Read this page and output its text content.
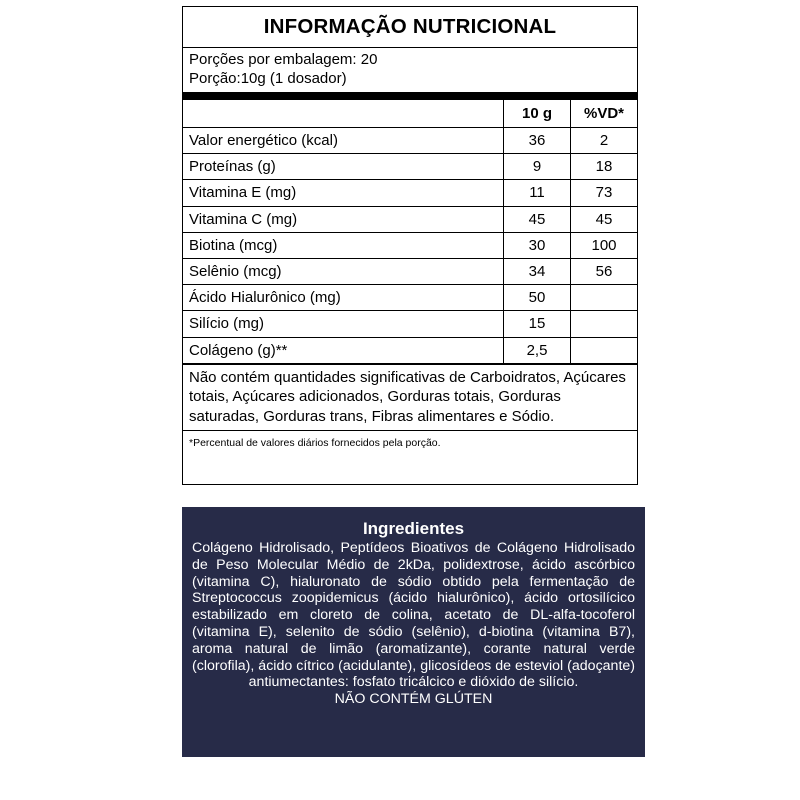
INFORMAÇÃO NUTRICIONAL
Porções por embalagem: 20
Porção:10g (1 dosador)
	10 g	%VD*
Valor energético (kcal)	36	2
Proteínas (g)	9	18
Vitamina E (mg)	11	73
Vitamina C (mg)	45	45
Biotina (mcg)	30	100
Selênio (mcg)	34	56
Ácido Hialurônico (mg)	50	
Silício (mg)	15	
Colágeno (g)**	2,5	
Não contém quantidades significativas de Carboidratos, Açúcares totais, Açúcares adicionados, Gorduras totais, Gorduras saturadas, Gorduras trans, Fibras alimentares e Sódio.
*Percentual de valores diários fornecidos pela porção.
Ingredientes
Colágeno Hidrolisado, Peptídeos Bioativos de Colágeno Hidrolisado de Peso Molecular Médio de 2kDa, polidextrose, ácido ascórbico (vitamina C), hialuronato de sódio obtido pela fermentação de Streptococcus zoopidemicus (ácido hialurônico), ácido ortosilícico estabilizado em cloreto de colina, acetato de DL-alfa-tocoferol (vitamina E), selenito de sódio (selênio), d-biotina (vitamina B7), aroma natural de limão (aromatizante), corante natural verde (clorofila), ácido cítrico (acidulante), glicosídeos de esteviol (adoçante) antiumectantes: fosfato tricálcico e dióxido de silício.
NÃO CONTÉM GLÚTEN
